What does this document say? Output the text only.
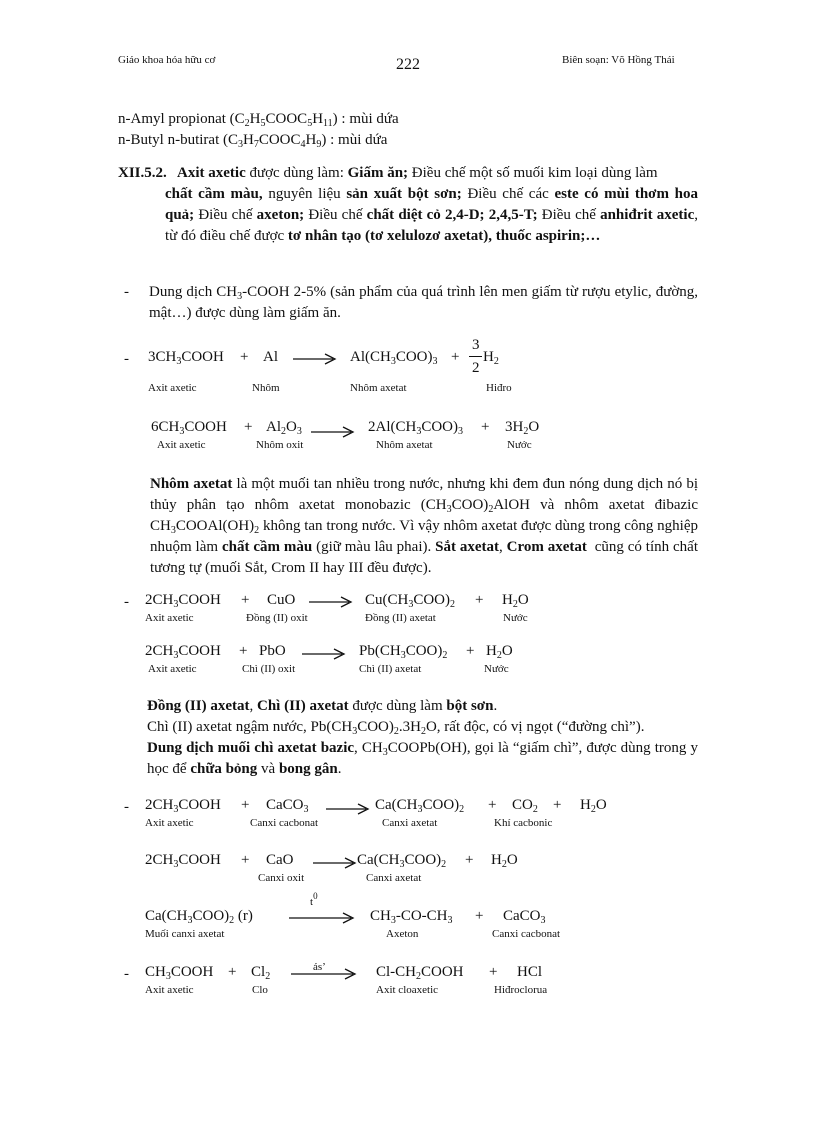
Giáo khoa hóa hữu cơ	222	Biên soạn: Võ Hồng Thái
n-Amyl propionat $(C_2H_5COOC_5H_{11})$ : mùi dứa
n-Butyl n-butirat $(C_3H_7COOC_4H_9)$ : mùi dứa
XII.5.2. Axit axetic được dùng làm: Giấm ăn; Điều chế một số muối kim loại dùng làm
chất cầm màu, nguyên liệu sản xuất bột sơn; Điều chế các este có mùi thơm hoa quả; Điều chế axeton; Điều chế chất diệt cỏ 2,4-D; 2,4,5-T; Điều chế anhiđrit axetic, từ đó điều chế được tơ nhân tạo (tơ xelulozơ axetat), thuốc aspirin;…
- Dung dịch $CH_3$-COOH 2-5% (sản phẩm của quá trình lên men giấm từ rượu etylic, đường, mật…) được dùng làm giấm ăn.
- $3CH_3COOH + Al \to Al(CH_3COO)_3$ +
3
2
$H_2$
Axit axetic	Nhôm	Nhôm axetat	Hiđro
$6CH_3COOH + Al_2O_3 \to 2Al(CH_3COO)_3 + 3H_2O$
Axit axetic	Nhôm oxit	Nhôm axetat	Nước
Nhôm axetat là một muối tan nhiều trong nước, nhưng khi đem đun nóng dung dịch nó bị thủy phân tạo nhôm axetat monobazic $(CH_3COO)_2AlOH$ và nhôm axetat đibazic $CH_3COOAl(OH)_2$ không tan trong nước. Vì vậy nhôm axetat được dùng trong công nghiệp nhuộm làm chất cầm màu (giữ màu lâu phai). Sắt axetat, Crom axetat  cũng có tính chất tương tự (muối Sắt, Crom II hay III đều được).
- $2CH_3COOH$ + CuO → $Cu(CH_3COO)_2 + H_2O$
Axit axetic	Đồng (II) oxit	Đồng (II) axetat	Nước
$2CH_3COOH$ + PbO → $Pb(CH_3COO)_2 + H_2O$
Axit axetic	Chì (II) oxit	Chì (II) axetat	Nước
Đồng (II) axetat, Chì (II) axetat được dùng làm bột sơn.
Chì (II) axetat ngậm nước, $Pb(CH_3COO)_2.3H_2O$, rất độc, có vị ngọt (“đường chì”).
Dung dịch muối chì axetat bazic, $CH_3COOPb(OH)$, gọi là “giấm chì”, được dùng trong y học để chữa bỏng và bong gân.
- $2CH_3COOH$ + CaCO$_3$ → $Ca(CH_3COO)_2 + CO_2 + H_2O$
Axit axetic	Canxi cacbonat	Canxi axetat	Khí cacbonic
$2CH_3COOH$ + CaO →
$Ca(CH_3COO)_2 + H_2O$
Canxi oxit	Canxi axetat
$Ca(CH_3COO)_2$ (r)
$t^0$
$CH_3-CO-CH_3$ + CaCO$_3$
Muối canxi axetat	Axeton	Canxi cacbonat
- $CH_3COOH + Cl_2$
ás’	$Cl-CH_2COOH$ + HCl
Axit axetic	Clo	Axit cloaxetic	Hiđroclorua
